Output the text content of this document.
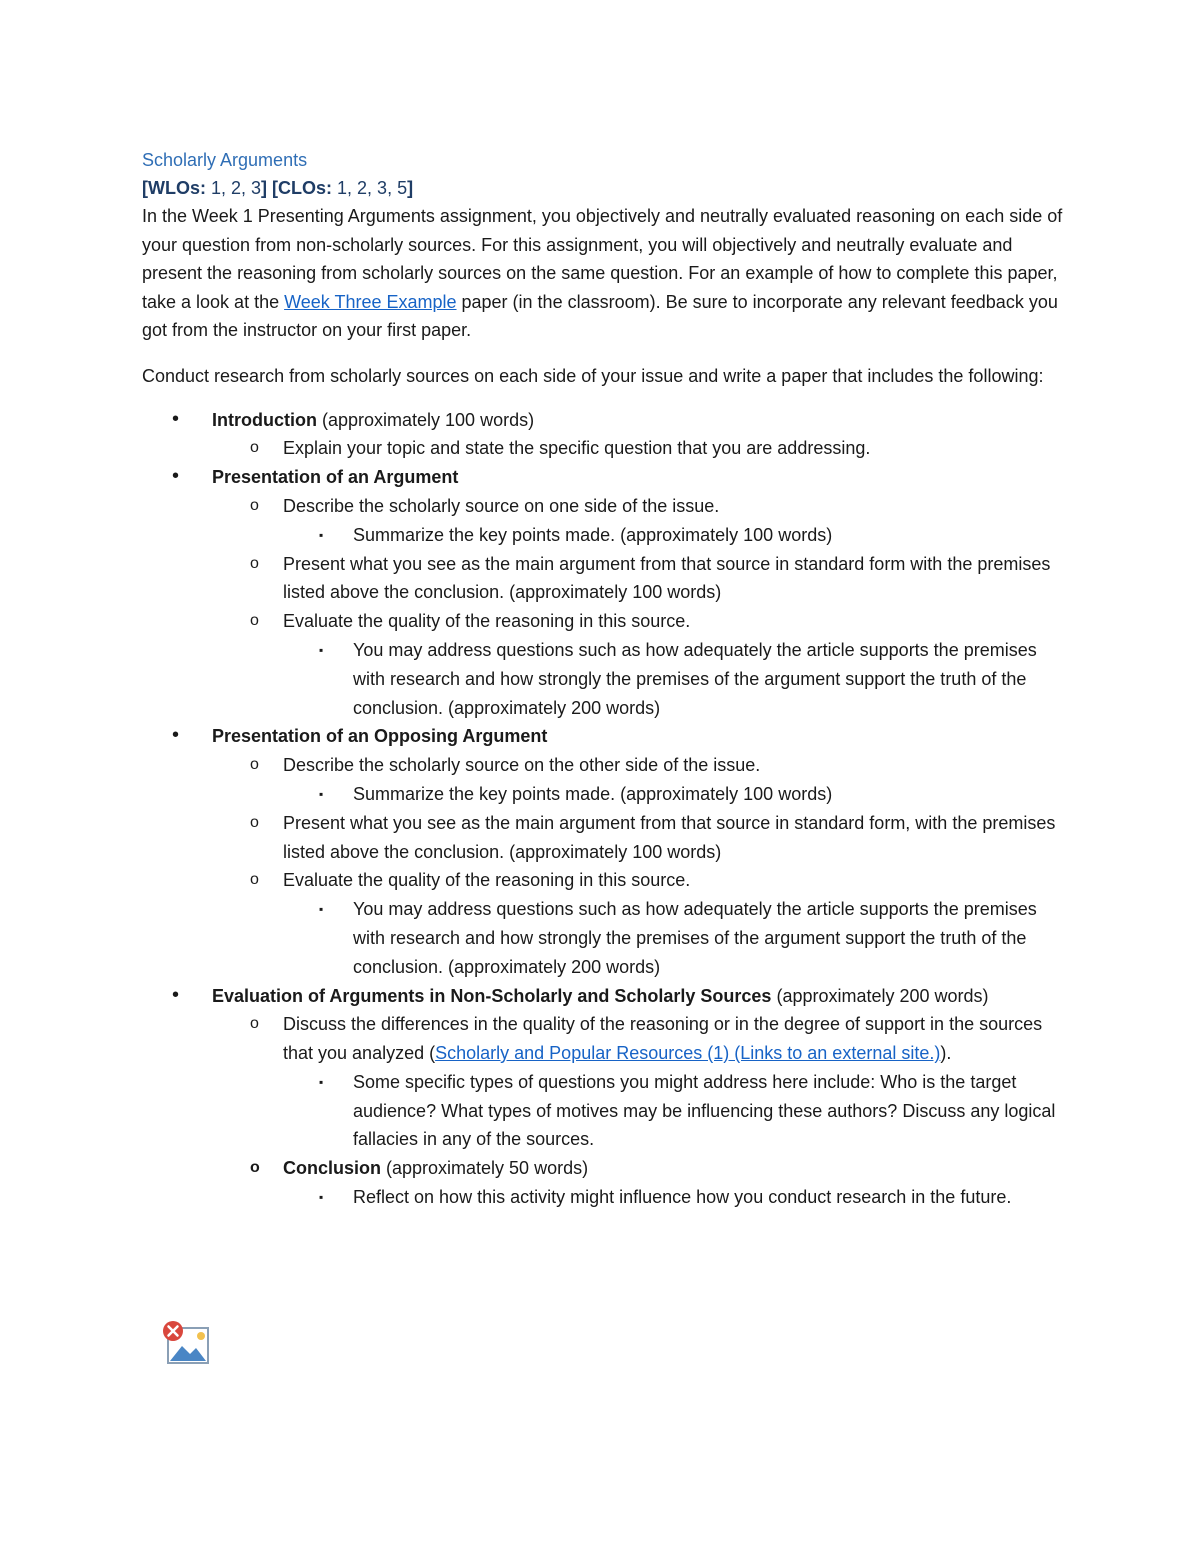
Scholarly Arguments

[WLOs: 1, 2, 3] [CLOs: 1, 2, 3, 5]

In the Week 1 Presenting Arguments assignment, you objectively and neutrally evaluated reasoning on each side of your question from non-scholarly sources. For this assignment, you will objectively and neutrally evaluate and present the reasoning from scholarly sources on the same question. For an example of how to complete this paper, take a look at the Week Three Example paper (in the classroom). Be sure to incorporate any relevant feedback you got from the instructor on your first paper.

Conduct research from scholarly sources on each side of your issue and write a paper that includes the following:

• Introduction (approximately 100 words)
o Explain your topic and state the specific question that you are addressing.
• Presentation of an Argument
o Describe the scholarly source on one side of the issue.
▪ Summarize the key points made. (approximately 100 words)
o Present what you see as the main argument from that source in standard form with the premises listed above the conclusion. (approximately 100 words)
o Evaluate the quality of the reasoning in this source.
▪ You may address questions such as how adequately the article supports the premises with research and how strongly the premises of the argument support the truth of the conclusion. (approximately 200 words)
• Presentation of an Opposing Argument
o Describe the scholarly source on the other side of the issue.
▪ Summarize the key points made. (approximately 100 words)
o Present what you see as the main argument from that source in standard form, with the premises listed above the conclusion. (approximately 100 words)
o Evaluate the quality of the reasoning in this source.
▪ You may address questions such as how adequately the article supports the premises with research and how strongly the premises of the argument support the truth of the conclusion. (approximately 200 words)
• Evaluation of Arguments in Non-Scholarly and Scholarly Sources (approximately 200 words)
o Discuss the differences in the quality of the reasoning or in the degree of support in the sources that you analyzed (Scholarly and Popular Resources (1) (Links to an external site.)).
▪ Some specific types of questions you might address here include: Who is the target audience? What types of motives may be influencing these authors? Discuss any logical fallacies in any of the sources.
o Conclusion (approximately 50 words)
▪ Reflect on how this activity might influence how you conduct research in the future.
